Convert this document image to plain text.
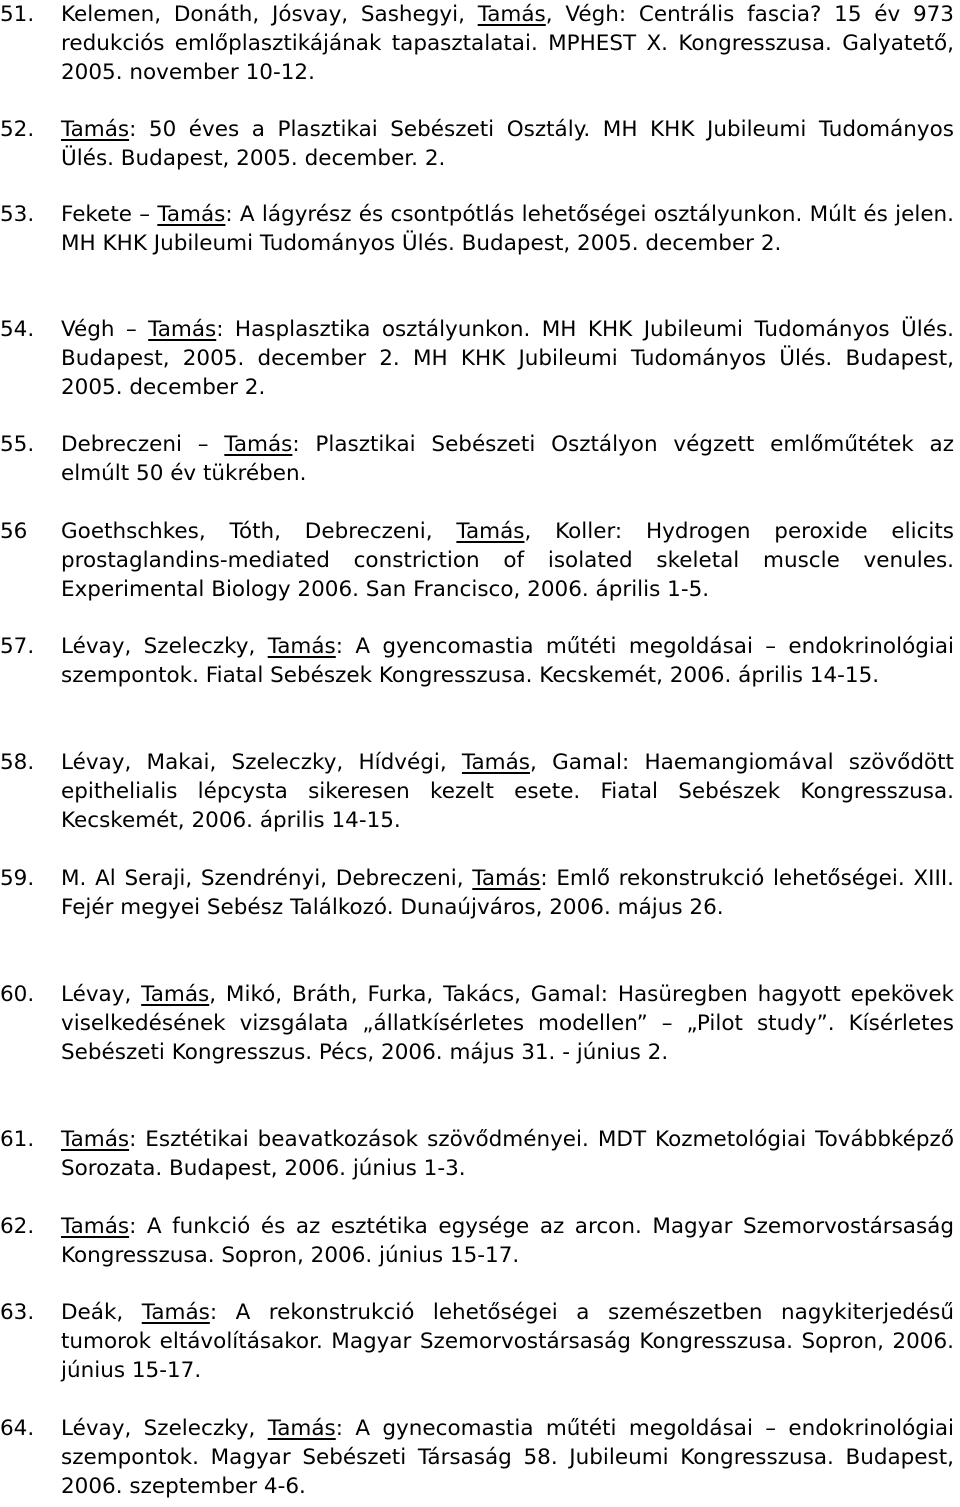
51. Kelemen, Donáth, Jósvay, Sashegyi, Tamás, Végh: Centrális fascia? 15 év 973 redukciós emlőplasztikájának tapasztalatai. MPHEST X. Kongresszusa. Galyatető, 2005. november 10-12.
52. Tamás: 50 éves a Plasztikai Sebészeti Osztály. MH KHK Jubileumi Tudományos Ülés. Budapest, 2005. december. 2.
53. Fekete – Tamás: A lágyrész és csontpótlás lehetőségei osztályunkon. Múlt és jelen. MH KHK Jubileumi Tudományos Ülés. Budapest, 2005. december 2.
54. Végh – Tamás: Hasplasztika osztályunkon. MH KHK Jubileumi Tudományos Ülés. Budapest, 2005. december 2. MH KHK Jubileumi Tudományos Ülés. Budapest, 2005. december 2.
55. Debreczeni – Tamás: Plasztikai Sebészeti Osztályon végzett emlőműtétek az elmúlt 50 év tükrében.
56 Goethschkes, Tóth, Debreczeni, Tamás, Koller: Hydrogen peroxide elicits prostaglandins-mediated constriction of isolated skeletal muscle venules. Experimental Biology 2006. San Francisco, 2006. április 1-5.
57. Lévay, Szeleczky, Tamás: A gyencomastia műtéti megoldásai – endokrinológiai szempontok. Fiatal Sebészek Kongresszusa. Kecskemét, 2006. április 14-15.
58. Lévay, Makai, Szeleczky, Hídvégi, Tamás, Gamal: Haemangiomával szövődött epithelialis lépcysta sikeresen kezelt esete. Fiatal Sebészek Kongresszusa. Kecskemét, 2006. április 14-15.
59. M. Al Seraji, Szendrényi, Debreczeni, Tamás: Emlő rekonstrukció lehetőségei. XIII. Fejér megyei Sebész Találkozó. Dunaújváros, 2006. május 26.
60. Lévay, Tamás, Mikó, Bráth, Furka, Takács, Gamal: Hasüregben hagyott epekövek viselkedésének vizsgálata „állatkísérletes modellen” – „Pilot study”. Kísérletes Sebészeti Kongresszus. Pécs, 2006. május 31. - június 2.
61. Tamás: Esztétikai beavatkozások szövődményei. MDT Kozmetológiai Továbbképző Sorozata. Budapest, 2006. június 1-3.
62. Tamás: A funkció és az esztétika egysége az arcon. Magyar Szemorvostársaság Kongresszusa. Sopron, 2006. június 15-17.
63. Deák, Tamás: A rekonstrukció lehetőségei a szemészetben nagykiterjedésű tumorok eltávolításakor. Magyar Szemorvostársaság Kongresszusa. Sopron, 2006. június 15-17.
64. Lévay, Szeleczky, Tamás: A gynecomastia műtéti megoldásai – endokrinológiai szempontok. Magyar Sebészeti Társaság 58. Jubileumi Kongresszusa. Budapest, 2006. szeptember 4-6.
